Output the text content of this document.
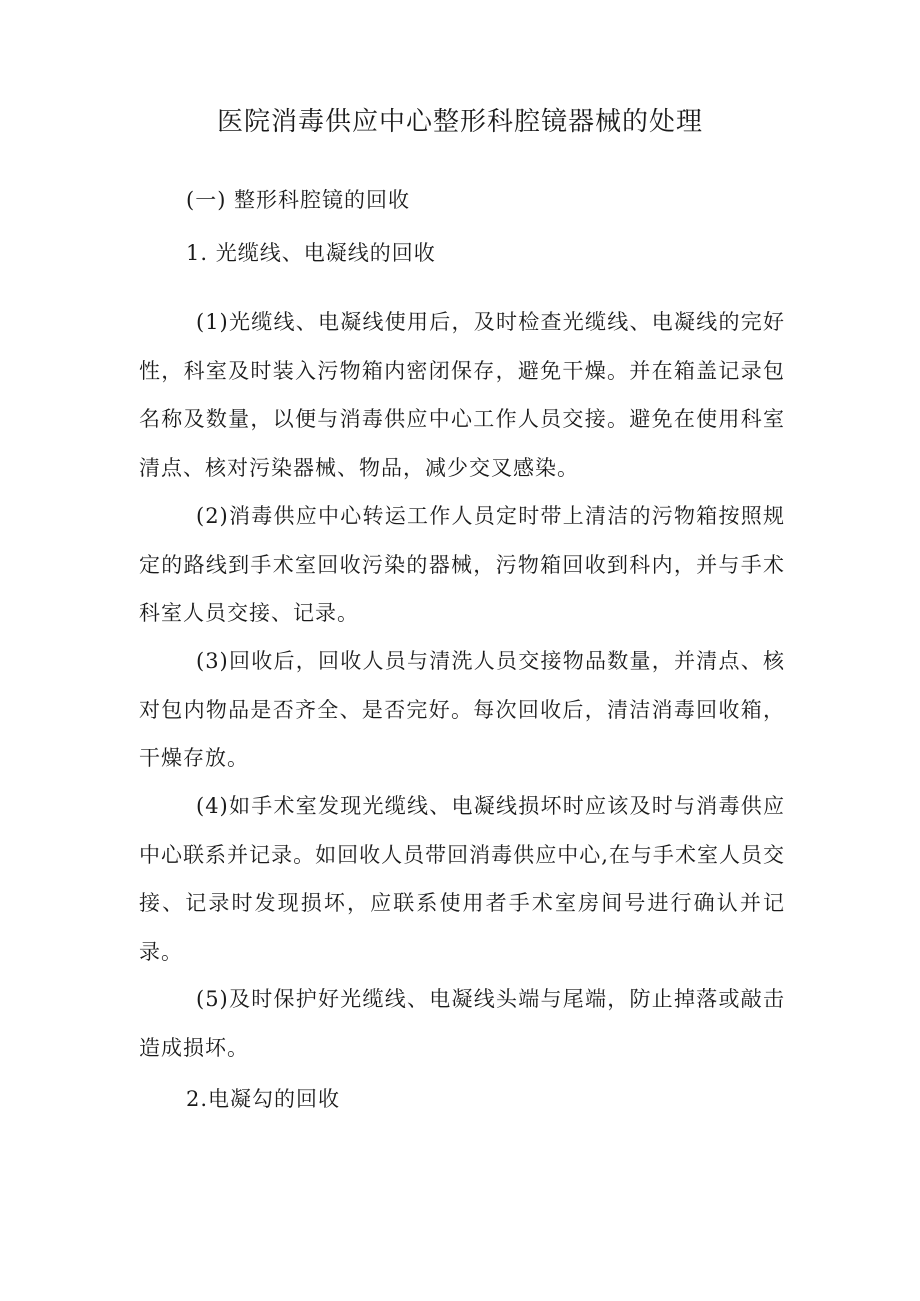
医院消毒供应中心整形科腔镜器械的处理

(一) 整形科腔镜的回收

1. 光缆线、电凝线的回收

(1)光缆线、电凝线使用后，及时检查光缆线、电凝线的完好性，科室及时装入污物箱内密闭保存，避免干燥。并在箱盖记录包名称及数量，以便与消毒供应中心工作人员交接。避免在使用科室清点、核对污染器械、物品，减少交叉感染。

(2)消毒供应中心转运工作人员定时带上清洁的污物箱按照规定的路线到手术室回收污染的器械，污物箱回收到科内，并与手术科室人员交接、记录。

(3)回收后，回收人员与清洗人员交接物品数量，并清点、核对包内物品是否齐全、是否完好。每次回收后，清洁消毒回收箱，干燥存放。

(4)如手术室发现光缆线、电凝线损坏时应该及时与消毒供应中心联系并记录。如回收人员带回消毒供应中心,在与手术室人员交接、记录时发现损坏，应联系使用者手术室房间号进行确认并记录。

(5)及时保护好光缆线、电凝线头端与尾端，防止掉落或敲击造成损坏。

2.电凝勾的回收
